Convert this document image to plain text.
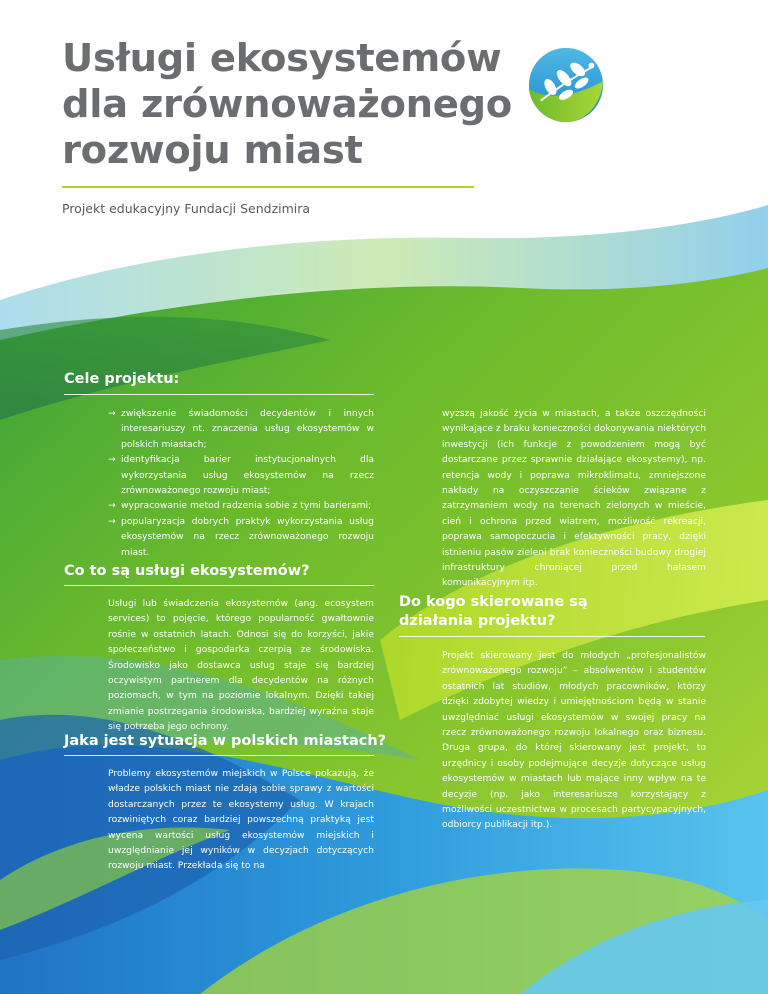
Usługi ekosystemów
dla zrównoważonego
rozwoju miast
Projekt edukacyjny Fundacji Sendzimira
Cele projektu:
→ zwiększenie świadomości decydentów i innych interesariuszy nt. znaczenia usług ekosystemów w polskich miastach;
→ identyfikacja barier instytucjonalnych dla wykorzystania usług ekosystemów na rzecz zrównoważonego rozwoju miast;
→ wypracowanie metod radzenia sobie z tymi barierami;
→ popularyzacja dobrych praktyk wykorzystania usług ekosystemów na rzecz zrównoważonego rozwoju miast.
Co to są usługi ekosystemów?

Usługi lub świadczenia ekosystemów (ang. ecosystem services) to pojęcie, którego popularność gwałtownie rośnie w ostatnich latach. Odnosi się do korzyści, jakie społeczeństwo i gospodarka czerpią ze środowiska. Środowisko jako dostawca usług staje się bardziej oczywistym partnerem dla decydentów na różnych poziomach, w tym na poziomie lokalnym. Dzięki takiej zmianie postrzegania środowiska, bardziej wyraźna staje się potrzeba jego ochrony.

Jaka jest sytuacja w polskich miastach?

Problemy ekosystemów miejskich w Polsce pokazują, że władze polskich miast nie zdają sobie sprawy z wartości dostarczanych przez te ekosystemy usług. W krajach rozwiniętych coraz bardziej powszechną praktyką jest wycena wartości usług ekosystemów miejskich i uwzględnianie jej wyników w decyzjach dotyczących rozwoju miast. Przekłada się to na

wyższą jakość życia w miastach, a także oszczędności wynikające z braku konieczności dokonywania niektórych inwestycji (ich funkcje z powodzeniem mogą być dostarczane przez sprawnie działające ekosystemy), np. retencja wody i poprawa mikroklimatu, zmniejszone nakłady na oczyszczanie ścieków związane z zatrzymaniem wody na terenach zielonych w mieście, cień i ochrona przed wiatrem, możliwość rekreacji, poprawa samopoczucia i efektywności pracy, dzięki istnieniu pasów zieleni brak konieczności budowy drogiej infrastruktury chroniącej przed hałasem komunikacyjnym itp.

Do kogo skierowane są
działania projektu?

Projekt skierowany jest do młodych „profesjonalistów zrównoważonego rozwoju” – absolwentów i studentów ostatnich lat studiów, młodych pracowników, którzy dzięki zdobytej wiedzy i umiejętnościom będą w stanie uwzględniać usługi ekosystemów w swojej pracy na rzecz zrównoważonego rozwoju lokalnego oraz biznesu. Druga grupa, do której skierowany jest projekt, to urzędnicy i osoby podejmujące decyzje dotyczące usług ekosystemów w miastach lub mające inny wpływ na te decyzje (np. jako interesariusze korzystający z możliwości uczestnictwa w procesach partycypacyjnych, odbiorcy publikacji itp.).
